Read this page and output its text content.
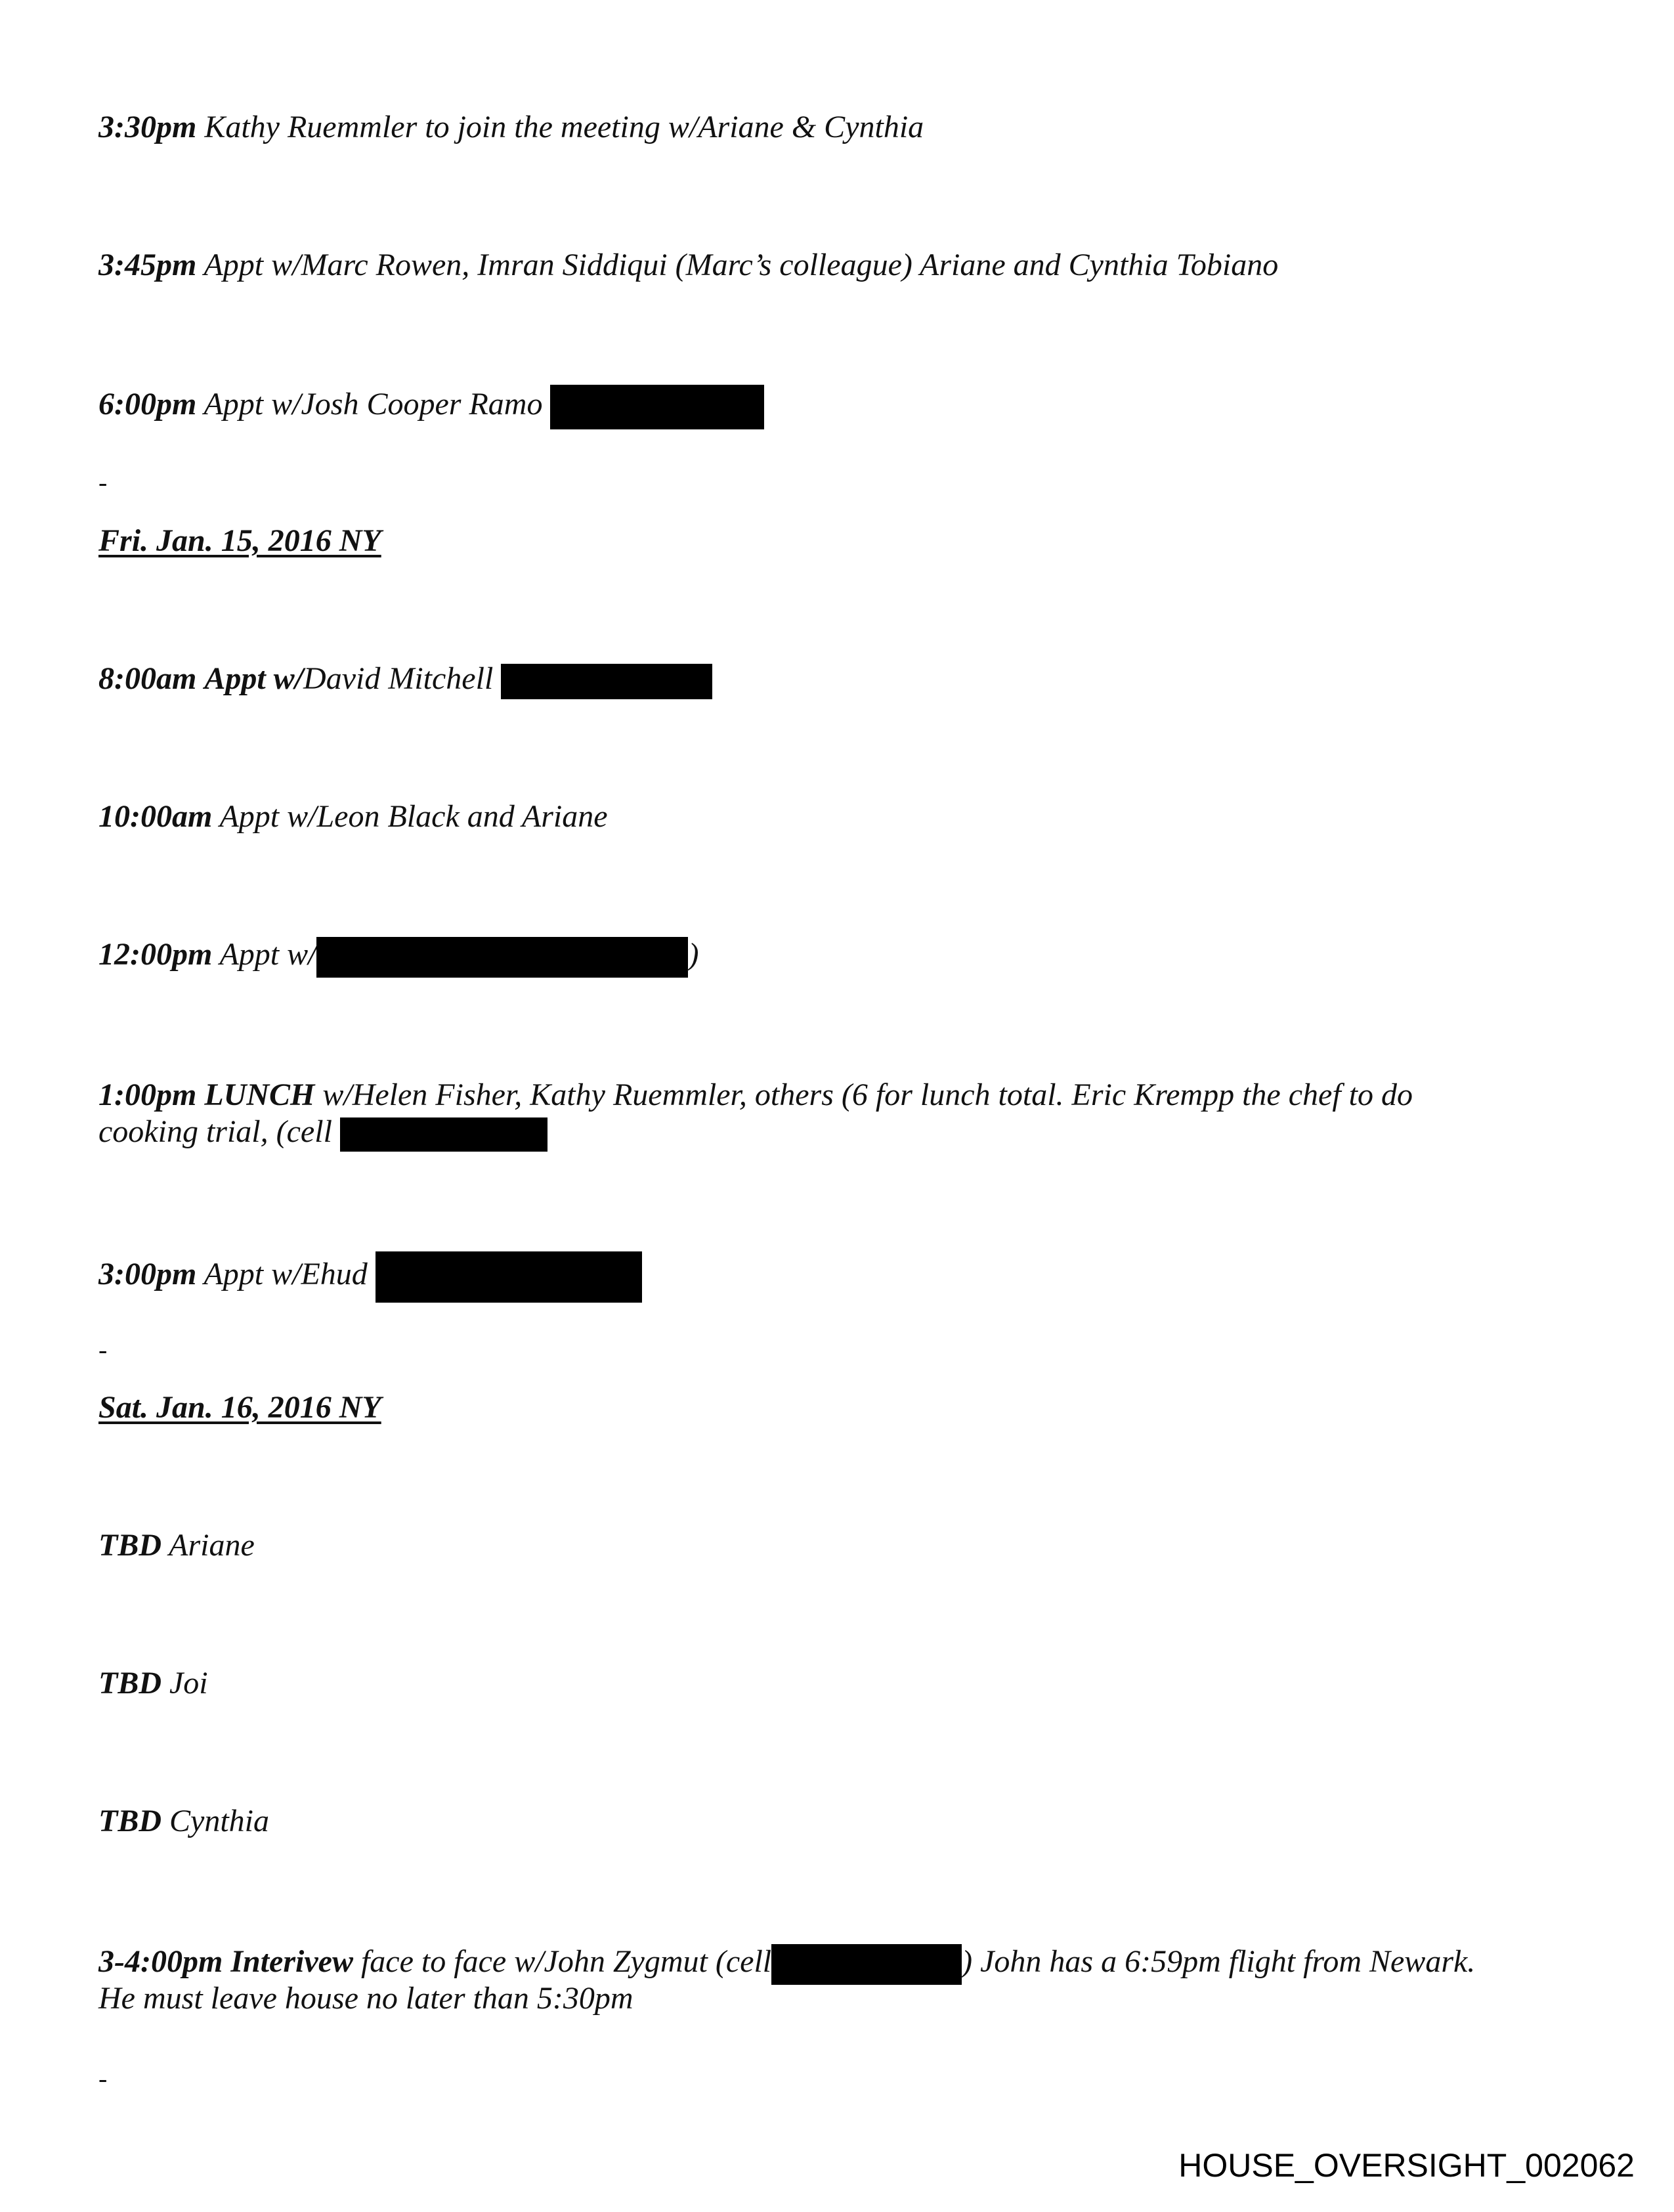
3:30pm Kathy Ruemmler to join the meeting w/Ariane & Cynthia
3:45pm Appt w/Marc Rowen, Imran Siddiqui (Marc’s colleague) Ariane and Cynthia Tobiano
6:00pm Appt w/Josh Cooper Ramo
-
Fri. Jan. 15, 2016 NY
8:00am Appt w/David Mitchell
10:00am Appt w/Leon Black and Ariane
12:00pm Appt w/	)
1:00pm LUNCH w/Helen Fisher, Kathy Ruemmler, others (6 for lunch total. Eric Krempp the chef to do
cooking trial, (cell
3:00pm Appt w/Ehud
-
Sat. Jan. 16, 2016 NY
TBD Ariane
TBD Joi
TBD Cynthia
3-4:00pm Interivew face to face w/John Zygmut (cell	) John has a 6:59pm flight from Newark.
He must leave house no later than 5:30pm
-
HOUSE_OVERSIGHT_002062
